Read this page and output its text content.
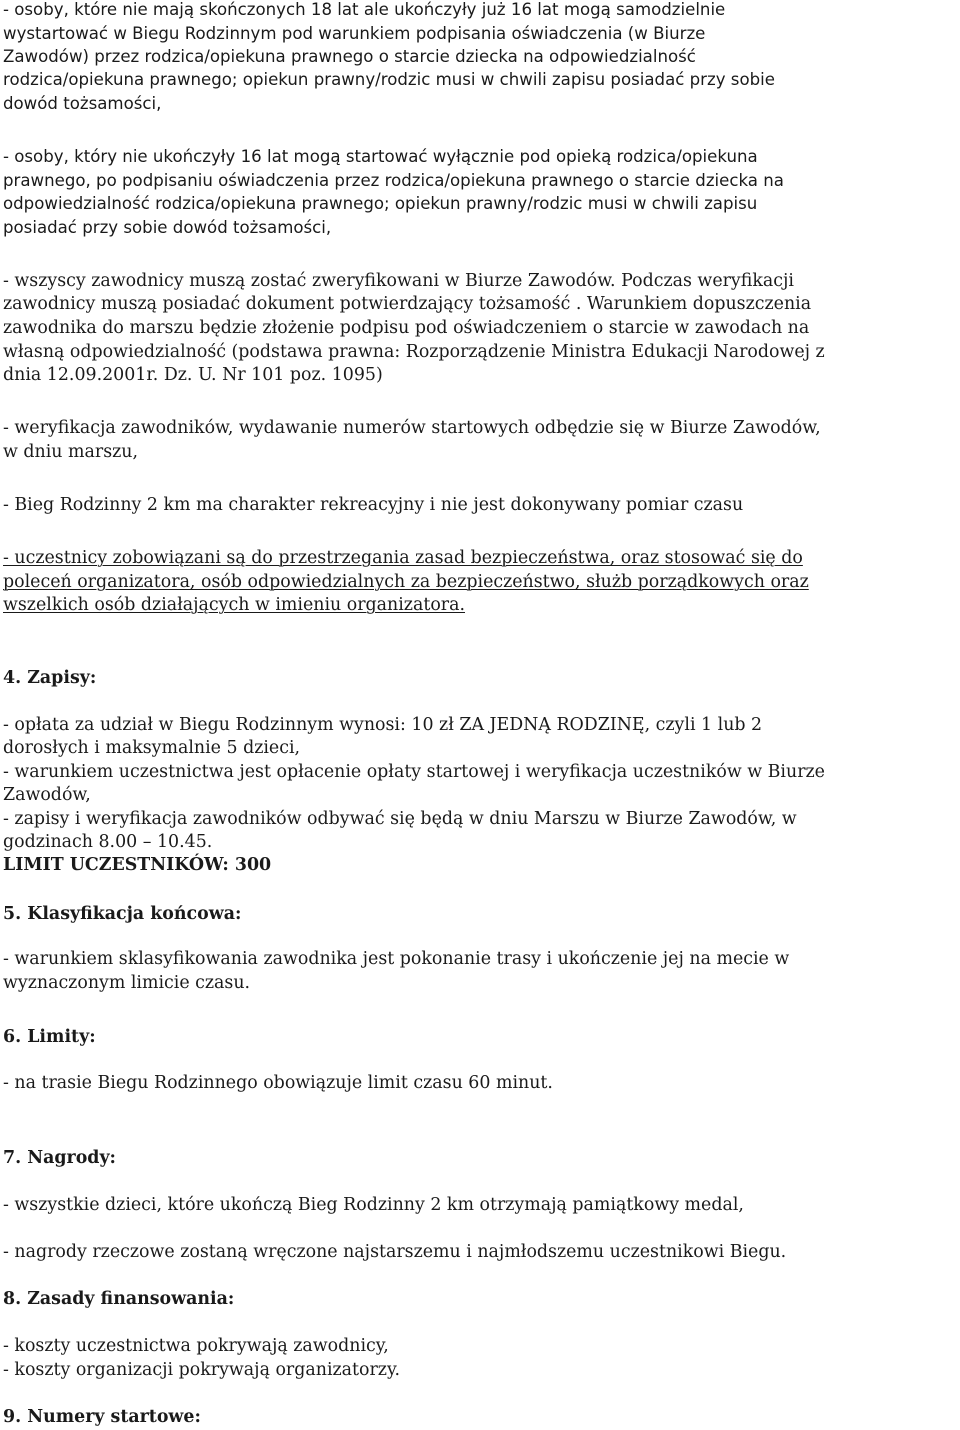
- osoby, które nie mają skończonych 18 lat ale ukończyły już 16 lat mogą samodzielnie
wystartować w Biegu Rodzinnym pod warunkiem podpisania oświadczenia (w Biurze
Zawodów) przez rodzica/opiekuna prawnego o starcie dziecka na odpowiedzialność
rodzica/opiekuna prawnego; opiekun prawny/rodzic musi w chwili zapisu posiadać przy sobie
dowód tożsamości,
- osoby, który nie ukończyły 16 lat mogą startować wyłącznie pod opieką rodzica/opiekuna
prawnego, po podpisaniu oświadczenia przez rodzica/opiekuna prawnego o starcie dziecka na
odpowiedzialność rodzica/opiekuna prawnego; opiekun prawny/rodzic musi w chwili zapisu
posiadać przy sobie dowód tożsamości,
- wszyscy zawodnicy muszą zostać zweryfikowani w Biurze Zawodów. Podczas weryfikacji
zawodnicy muszą posiadać dokument potwierdzający tożsamość . Warunkiem dopuszczenia
zawodnika do marszu będzie złożenie podpisu pod oświadczeniem o starcie w zawodach na
własną odpowiedzialność (podstawa prawna: Rozporządzenie Ministra Edukacji Narodowej z
dnia 12.09.2001r. Dz. U. Nr 101 poz. 1095)
- weryfikacja zawodników, wydawanie numerów startowych odbędzie się w Biurze Zawodów,
w dniu marszu,
- Bieg Rodzinny 2 km ma charakter rekreacyjny i nie jest dokonywany pomiar czasu
- uczestnicy zobowiązani są do przestrzegania zasad bezpieczeństwa, oraz stosować się do
poleceń organizatora, osób odpowiedzialnych za bezpieczeństwo, służb porządkowych oraz
wszelkich osób działających w imieniu organizatora.
4. Zapisy:
- opłata za udział w Biegu Rodzinnym wynosi: 10 zł ZA JEDNĄ RODZINĘ, czyli 1 lub 2
dorosłych i maksymalnie 5 dzieci,
- warunkiem uczestnictwa jest opłacenie opłaty startowej i weryfikacja uczestników w Biurze
Zawodów,
- zapisy i weryfikacja zawodników odbywać się będą w dniu Marszu w Biurze Zawodów, w
godzinach 8.00 – 10.45.
LIMIT UCZESTNIKÓW: 300
5. Klasyfikacja końcowa:
- warunkiem sklasyfikowania zawodnika jest pokonanie trasy i ukończenie jej na mecie w
wyznaczonym limicie czasu.
6. Limity:
- na trasie Biegu Rodzinnego obowiązuje limit czasu 60 minut.
7. Nagrody:
- wszystkie dzieci, które ukończą Bieg Rodzinny 2 km otrzymają pamiątkowy medal,
- nagrody rzeczowe zostaną wręczone najstarszemu i najmłodszemu uczestnikowi Biegu.
8. Zasady finansowania:
- koszty uczestnictwa pokrywają zawodnicy,
- koszty organizacji pokrywają organizatorzy.
9. Numery startowe:
